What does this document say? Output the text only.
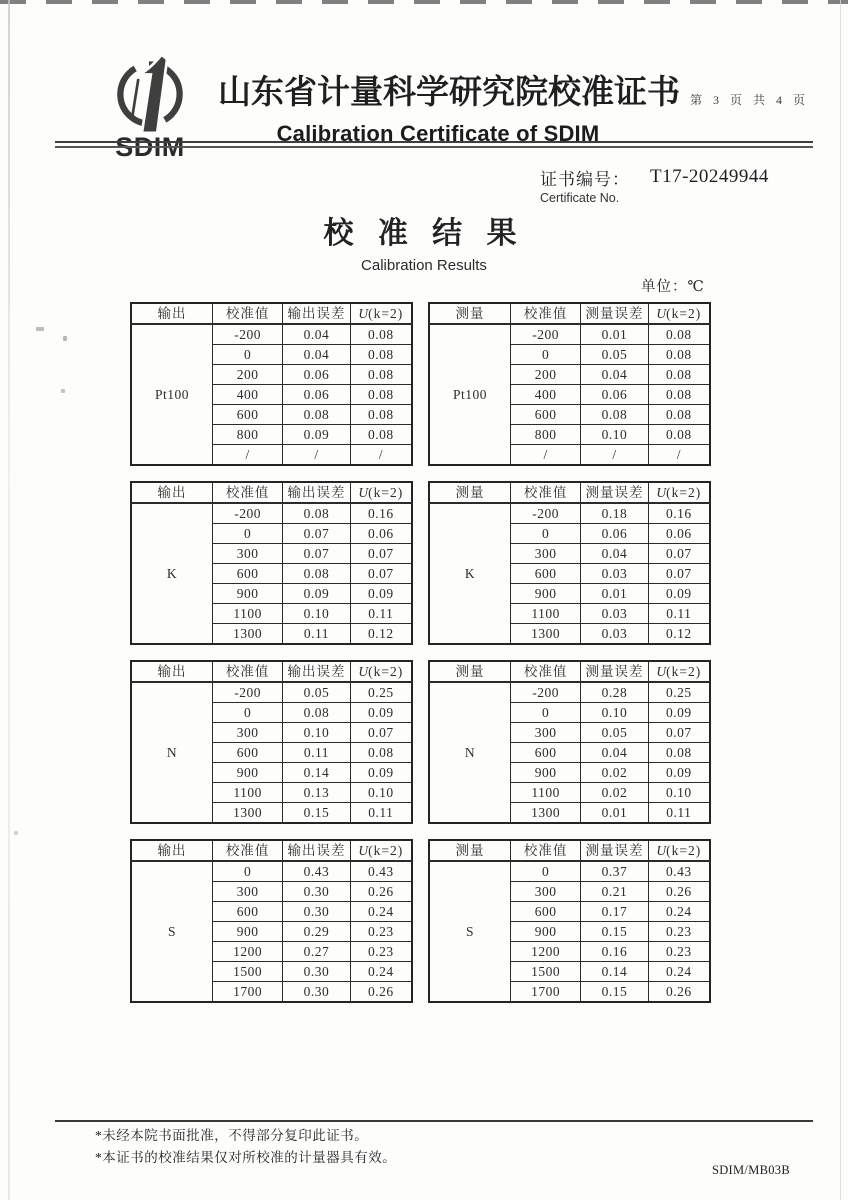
SDIM
山东省计量科学研究院校准证书 第 3 页 共 4 页
Calibration Certificate of SDIM
证书编号：
Certificate No.
T17-20249944
校 准 结 果
Calibration Results
单位：℃
输出	校准值	输出误差	U(k=2)
Pt100	-200	0.04	0.08
	0	0.04	0.08
	200	0.06	0.08
	400	0.06	0.08
	600	0.08	0.08
	800	0.09	0.08
	/	/	/
测量	校准值	测量误差	U(k=2)
Pt100	-200	0.01	0.08
	0	0.05	0.08
	200	0.04	0.08
	400	0.06	0.08
	600	0.08	0.08
	800	0.10	0.08
	/	/	/
输出	校准值	输出误差	U(k=2)
K	-200	0.08	0.16
	0	0.07	0.06
	300	0.07	0.07
	600	0.08	0.07
	900	0.09	0.09
	1100	0.10	0.11
	1300	0.11	0.12
测量	校准值	测量误差	U(k=2)
K	-200	0.18	0.16
	0	0.06	0.06
	300	0.04	0.07
	600	0.03	0.07
	900	0.01	0.09
	1100	0.03	0.11
	1300	0.03	0.12
输出	校准值	输出误差	U(k=2)
N	-200	0.05	0.25
	0	0.08	0.09
	300	0.10	0.07
	600	0.11	0.08
	900	0.14	0.09
	1100	0.13	0.10
	1300	0.15	0.11
测量	校准值	测量误差	U(k=2)
N	-200	0.28	0.25
	0	0.10	0.09
	300	0.05	0.07
	600	0.04	0.08
	900	0.02	0.09
	1100	0.02	0.10
	1300	0.01	0.11
输出	校准值	输出误差	U(k=2)
S	0	0.43	0.43
	300	0.30	0.26
	600	0.30	0.24
	900	0.29	0.23
	1200	0.27	0.23
	1500	0.30	0.24
	1700	0.30	0.26
测量	校准值	测量误差	U(k=2)
S	0	0.37	0.43
	300	0.21	0.26
	600	0.17	0.24
	900	0.15	0.23
	1200	0.16	0.23
	1500	0.14	0.24
	1700	0.15	0.26
*未经本院书面批准，不得部分复印此证书。
*本证书的校准结果仅对所校准的计量器具有效。
SDIM/MB03B
